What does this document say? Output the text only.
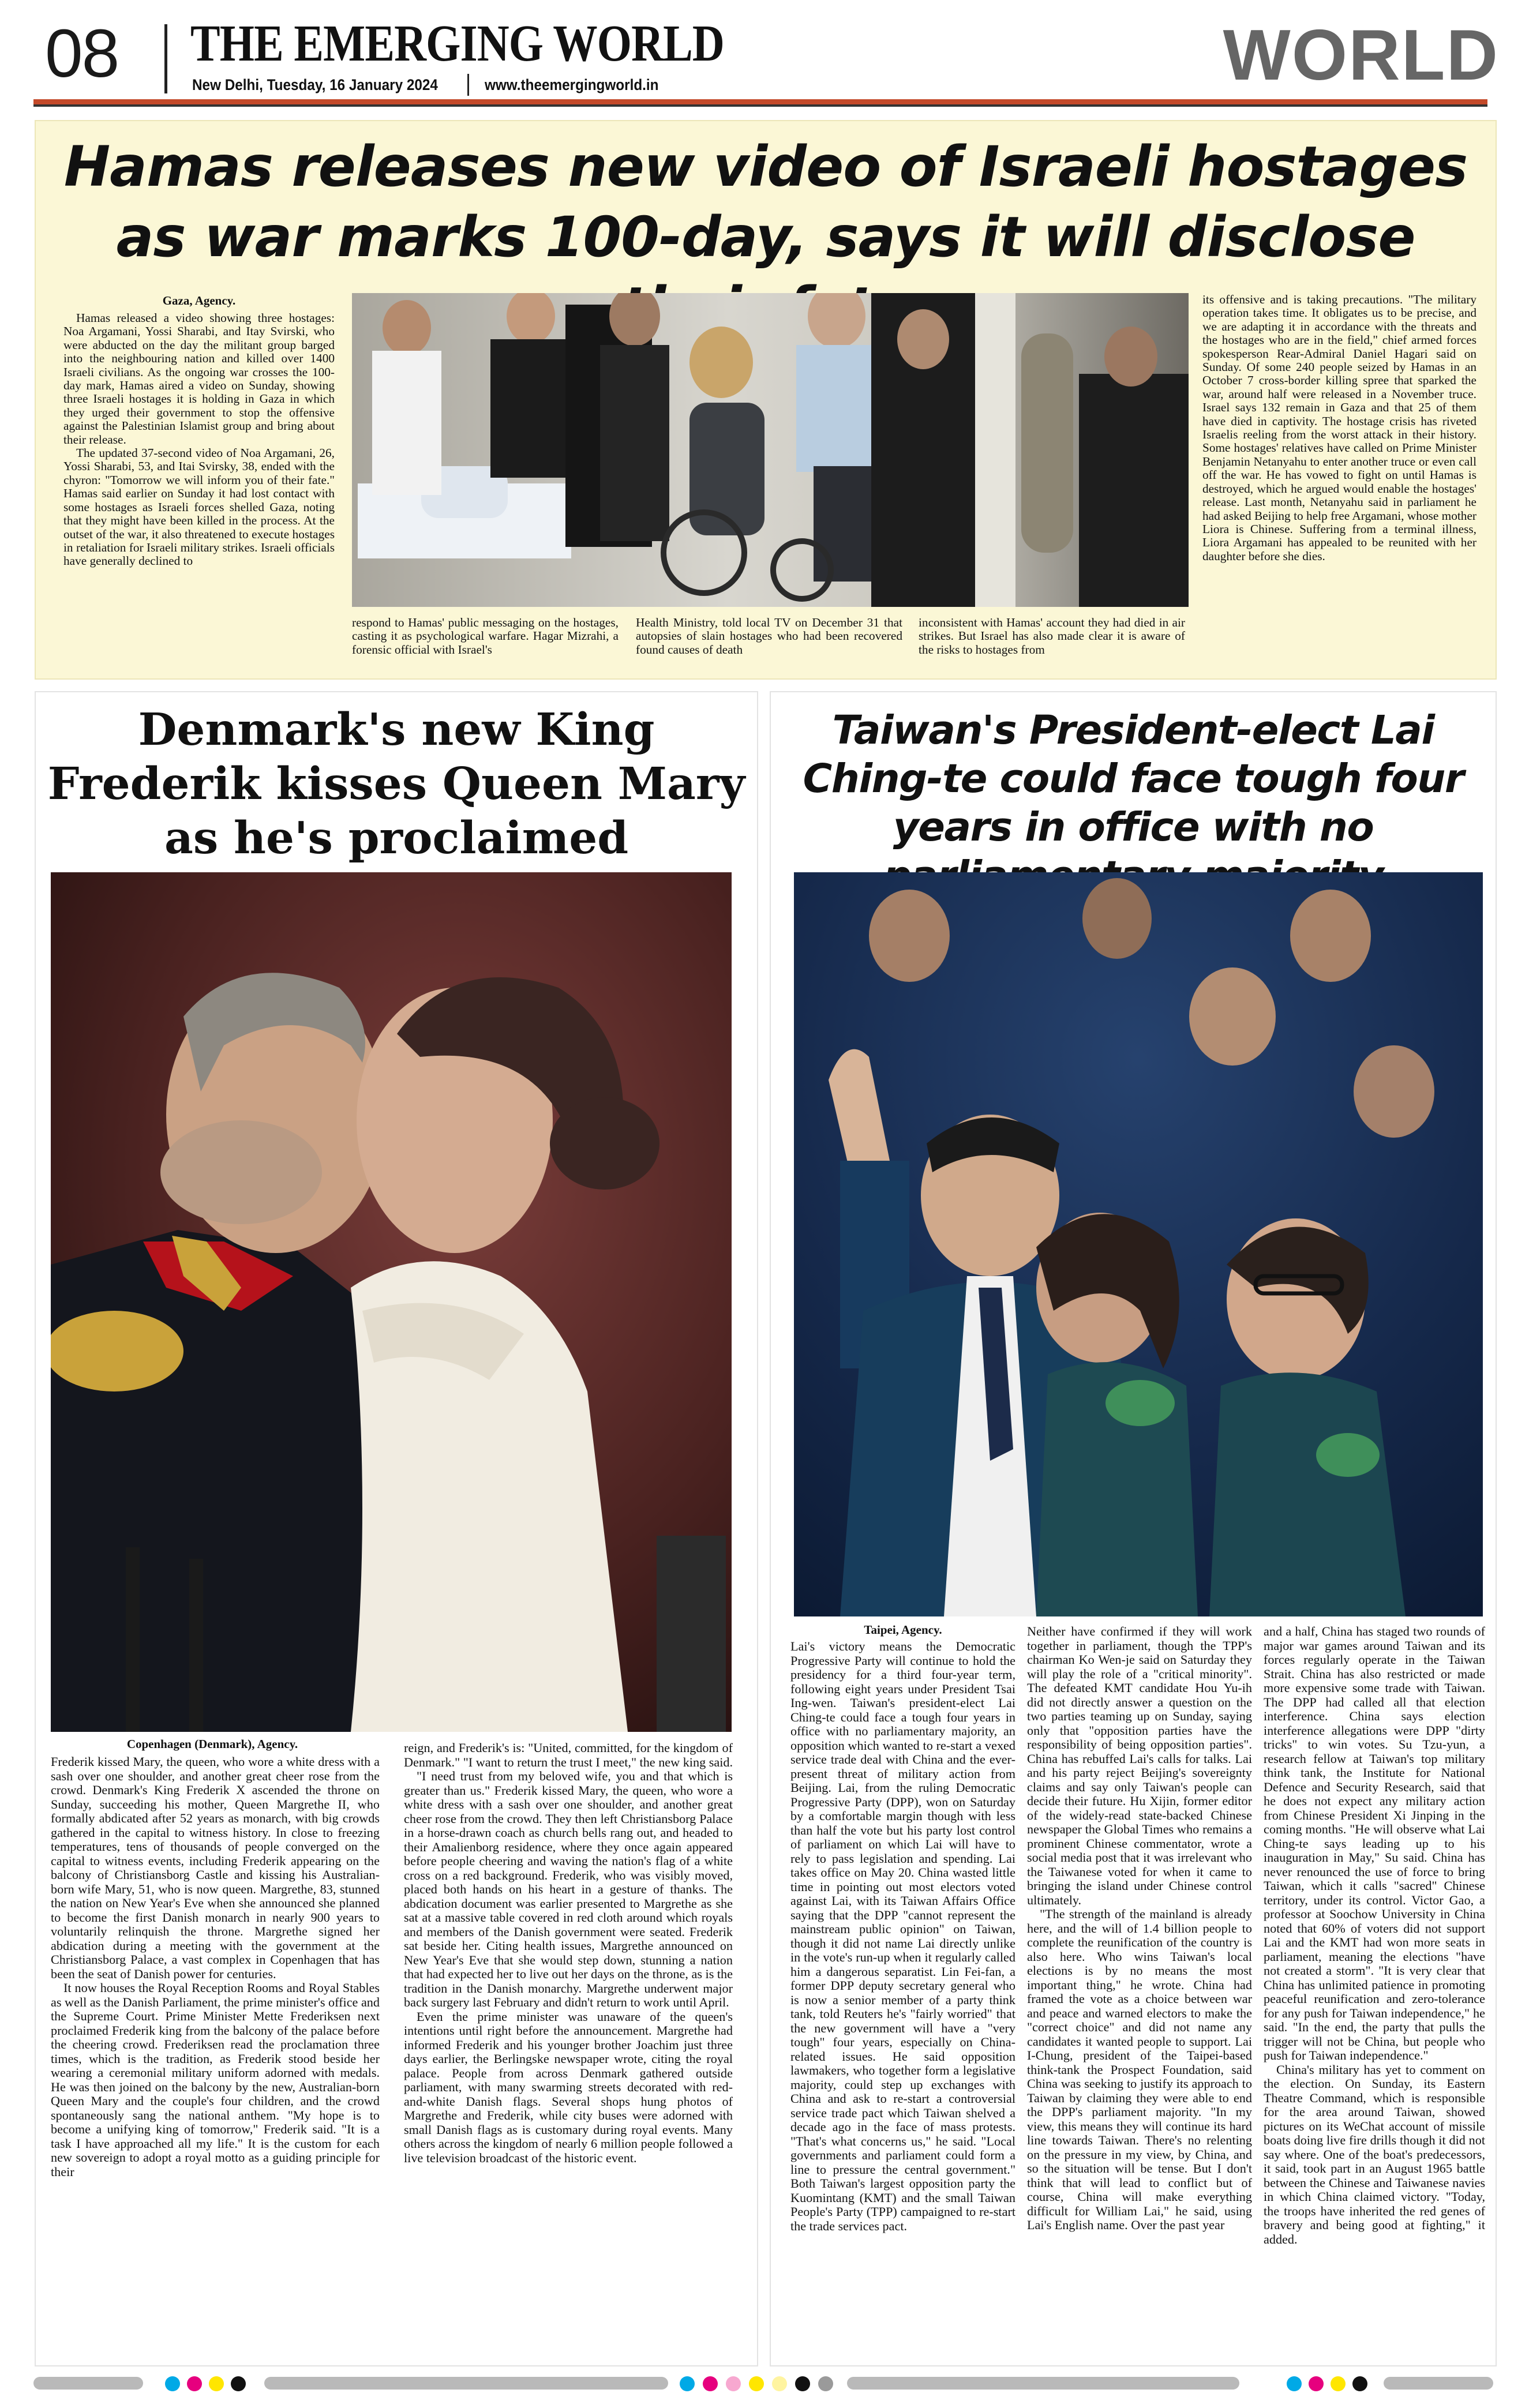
08	THE EMERGING WORLD
New Delhi, Tuesday, 16 January 2024	www.theemergingworld.in	WORLD
Hamas releases new video of Israeli hostages as war marks 100-day, says it will disclose
Gaza, Agency.

Hamas released a video showing three hostages: Noa Argamani, Yossi Sharabi, and Itay Svirski, who were abducted on the day the militant group barged into the neighbouring nation and killed over 1400 Israeli civilians. As the ongoing war crosses the 100-day mark, Hamas aired a video on Sunday, showing three Israeli hostages it is holding in Gaza in which they urged their government to stop the offensive against the Palestinian Islamist group and bring about their release.

The updated 37-second video of Noa Argamani, 26, Yossi Sharabi, 53, and Itai Svirsky, 38, ended with the chyron: "Tomorrow we will inform you of their fate." Hamas said earlier on Sunday it had lost contact with some hostages as Israeli forces shelled Gaza, noting that they might have been killed in the process. At the outset of the war, it also threatened to execute hostages in retaliation for Israeli military strikes. Israeli officials have generally declined to

respond to Hamas' public messaging on the hostages, casting it as psychological warfare. Hagar Mizrahi, a forensic official with Israel's

Health Ministry, told local TV on December 31 that autopsies of slain hostages who had been recovered found causes of death

inconsistent with Hamas' account they had died in air strikes. But Israel has also made clear it is aware of the risks to hostages from

its offensive and is taking precautions. "The military operation takes time. It obligates us to be precise, and we are adapting it in accordance with the threats and the hostages who are in the field," chief armed forces spokesperson Rear-Admiral Daniel Hagari said on Sunday. Of some 240 people seized by Hamas in an October 7 cross-border killing spree that sparked the war, around half were released in a November truce. Israel says 132 remain in Gaza and that 25 of them have died in captivity. The hostage crisis has riveted Israelis reeling from the worst attack in their history. Some hostages' relatives have called on Prime Minister Benjamin Netanyahu to enter another truce or even call off the war. He has vowed to fight on until Hamas is destroyed, which he argued would enable the hostages' release. Last month, Netanyahu said in parliament he had asked Beijing to help free Argamani, whose mother Liora is Chinese. Suffering from a terminal illness, Liora Argamani has appealed to be reunited with her daughter before she dies.

Denmark's new King Frederik kisses Queen Mary as he's proclaimed
Copenhagen (Denmark), Agency.

Frederik kissed Mary, the queen, who wore a white dress with a sash over one shoulder, and another great cheer rose from the crowd. Denmark's King Frederik X ascended the throne on Sunday, succeeding his mother, Queen Margrethe II, who formally abdicated after 52 years as monarch, with big crowds gathered in the capital to witness history. In close to freezing temperatures, tens of thousands of people converged on the capital to witness events, including Frederik appearing on the balcony of Christiansborg Castle and kissing his Australian-born wife Mary, 51, who is now queen. Margrethe, 83, stunned the nation on New Year's Eve when she announced she planned to become the first Danish monarch in nearly 900 years to voluntarily relinquish the throne. Margrethe signed her abdication during a meeting with the government at the Christiansborg Palace, a vast complex in Copenhagen that has been the seat of Danish power for centuries.

It now houses the Royal Reception Rooms and Royal Stables as well as the Danish Parliament, the prime minister's office and the Supreme Court. Prime Minister Mette Frederiksen next proclaimed Frederik king from the balcony of the palace before the cheering crowd. Frederiksen read the proclamation three times, which is the tradition, as Frederik stood beside her wearing a ceremonial military uniform adorned with medals. He was then joined on the balcony by the new, Australian-born Queen Mary and the couple's four children, and the crowd spontaneously sang the national anthem. "My hope is to become a unifying king of tomorrow," Frederik said. "It is a task I have approached all my life." It is the custom for each new sovereign to adopt a royal motto as a guiding principle for their

reign, and Frederik's is: "United, committed, for the kingdom of Denmark." "I want to return the trust I meet," the new king said.

"I need trust from my beloved wife, you and that which is greater than us." Frederik kissed Mary, the queen, who wore a white dress with a sash over one shoulder, and another great cheer rose from the crowd. They then left Christiansborg Palace in a horse-drawn coach as church bells rang out, and headed to their Amalienborg residence, where they once again appeared before people cheering and waving the nation's flag of a white cross on a red background. Frederik, who was visibly moved, placed both hands on his heart in a gesture of thanks. The abdication document was earlier presented to Margrethe as she sat at a massive table covered in red cloth around which royals and members of the Danish government were seated. Frederik sat beside her. Citing health issues, Margrethe announced on New Year's Eve that she would step down, stunning a nation that had expected her to live out her days on the throne, as is the tradition in the Danish monarchy. Margrethe underwent major back surgery last February and didn't return to work until April.

Even the prime minister was unaware of the queen's intentions until right before the announcement. Margrethe had informed Frederik and his younger brother Joachim just three days earlier, the Berlingske newspaper wrote, citing the royal palace. People from across Denmark gathered outside parliament, with many swarming streets decorated with red-and-white Danish flags. Several shops hung photos of Margrethe and Frederik, while city buses were adorned with small Danish flags as is customary during royal events. Many others across the kingdom of nearly 6 million people followed a live television broadcast of the historic event.

Taiwan's President-elect Lai Ching-te could face tough four years in office with no
Taipei, Agency.

Lai's victory means the Democratic Progressive Party will continue to hold the presidency for a third four-year term, following eight years under President Tsai Ing-wen. Taiwan's president-elect Lai Ching-te could face a tough four years in office with no parliamentary majority, an opposition which wanted to re-start a vexed service trade deal with China and the ever-present threat of military action from Beijing. Lai, from the ruling Democratic Progressive Party (DPP), won on Saturday by a comfortable margin though with less than half the vote but his party lost control of parliament on which Lai will have to rely to pass legislation and spending. Lai takes office on May 20. China wasted little time in pointing out most electors voted against Lai, with its Taiwan Affairs Office saying that the DPP "cannot represent the mainstream public opinion" on Taiwan, though it did not name Lai directly unlike in the vote's run-up when it regularly called him a dangerous separatist. Lin Fei-fan, a former DPP deputy secretary general who is now a senior member of a party think tank, told Reuters he's "fairly worried" that the new government will have a "very tough" four years, especially on China-related issues. He said opposition lawmakers, who together form a legislative majority, could step up exchanges with China and ask to re-start a controversial service trade pact which Taiwan shelved a decade ago in the face of mass protests. "That's what concerns us," he said. "Local governments and parliament could form a line to pressure the central government." Both Taiwan's largest opposition party the Kuomintang (KMT) and the small Taiwan People's Party (TPP) campaigned to re-start the trade services pact.

Neither have confirmed if they will work together in parliament, though the TPP's chairman Ko Wen-je said on Saturday they will play the role of a "critical minority". The defeated KMT candidate Hou Yu-ih did not directly answer a question on the two parties teaming up on Sunday, saying only that "opposition parties have the responsibility of being opposition parties". China has rebuffed Lai's calls for talks. Lai and his party reject Beijing's sovereignty claims and say only Taiwan's people can decide their future. Hu Xijin, former editor of the widely-read state-backed Chinese newspaper the Global Times who remains a prominent Chinese commentator, wrote a social media post that it was irrelevant who the Taiwanese voted for when it came to bringing the island under Chinese control ultimately.

"The strength of the mainland is already here, and the will of 1.4 billion people to complete the reunification of the country is also here. Who wins Taiwan's local elections is by no means the most important thing," he wrote. China had framed the vote as a choice between war and peace and warned electors to make the "correct choice" and did not name any candidates it wanted people to support. Lai I-Chung, president of the Taipei-based think-tank the Prospect Foundation, said China was seeking to justify its approach to Taiwan by claiming they were able to end the DPP's parliament majority. "In my view, this means they will continue its hard line towards Taiwan. There's no relenting on the pressure in my view, by China, and so the situation will be tense. But I don't think that will lead to conflict but of course, China will make everything difficult for William Lai," he said, using Lai's English name. Over the past year

and a half, China has staged two rounds of major war games around Taiwan and its forces regularly operate in the Taiwan Strait. China has also restricted or made more expensive some trade with Taiwan. The DPP had called all that election interference. China says election interference allegations were DPP "dirty tricks" to win votes. Su Tzu-yun, a research fellow at Taiwan's top military think tank, the Institute for National Defence and Security Research, said that he does not expect any military action from Chinese President Xi Jinping in the coming months. "He will observe what Lai Ching-te says leading up to his inauguration in May," Su said. China has never renounced the use of force to bring Taiwan, which it calls "sacred" Chinese territory, under its control. Victor Gao, a professor at Soochow University in China noted that 60% of voters did not support Lai and the KMT had won more seats in parliament, meaning the elections "have not created a storm". "It is very clear that China has unlimited patience in promoting peaceful reunification and zero-tolerance for any push for Taiwan independence," he said. "In the end, the party that pulls the trigger will not be China, but people who push for Taiwan independence."

China's military has yet to comment on the election. On Sunday, its Eastern Theatre Command, which is responsible for the area around Taiwan, showed pictures on its WeChat account of missile boats doing live fire drills though it did not say where. One of the boat's predecessors, it said, took part in an August 1965 battle between the Chinese and Taiwanese navies in which China claimed victory. "Today, the troops have inherited the red genes of bravery and being good at fighting," it added.
